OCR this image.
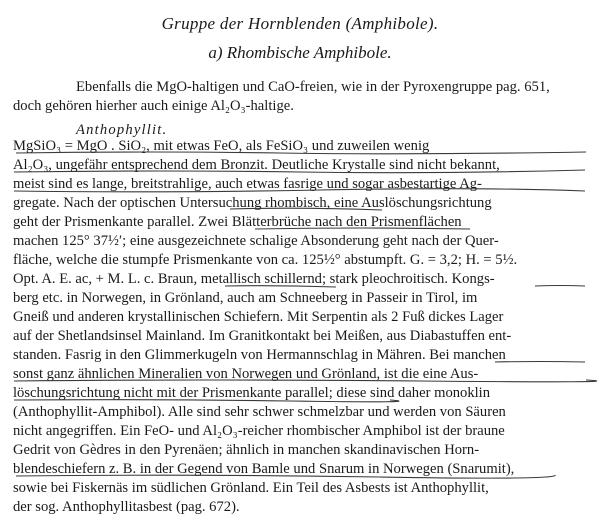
Gruppe der Hornblenden (Amphibole).
a) Rhombische Amphibole.
Ebenfalls die MgO-haltigen und CaO-freien, wie in der Pyroxengruppe pag. 651,
doch gehören hierher auch einige Al₂O₃-haltige.
Anthophyllit.
MgSiO₃ = MgO . SiO₂, mit etwas FeO, als FeSiO₃ und zuweilen wenig
Al₂O₃, ungefähr entsprechend dem Bronzit. Deutliche Krystalle sind nicht bekannt,
meist sind es lange, breitstrahlige, auch etwas fasrige und sogar asbestartige Ag-
gregate. Nach der optischen Untersuchung rhombisch, eine Auslöschungsrichtung
geht der Prismenkante parallel. Zwei Blätterbrüche nach den Prismenflächen
machen 125° 37½′; eine ausgezeichnete schalige Absonderung geht nach der Quer-
fläche, welche die stumpfe Prismenkante von ca. 125½° abstumpft. G. = 3,2; H. = 5½.
Opt. A. E. ac, + M. L. c. Braun, metallisch schillernd; stark pleochroitisch. Kongs-
berg etc. in Norwegen, in Grönland, auch am Schneeberg in Passeir in Tirol, im
Gneiß und anderen krystallinischen Schiefern. Mit Serpentin als 2 Fuß dickes Lager
auf der Shetlandsinsel Mainland. Im Granitkontakt bei Meißen, aus Diabastuffen ent-
standen. Fasrig in den Glimmerkugeln von Hermannschlag in Mähren. Bei manchen
sonst ganz ähnlichen Mineralien von Norwegen und Grönland, ist die eine Aus-
löschungsrichtung nicht mit der Prismenkante parallel; diese sind daher monoklin
(Anthophyllit-Amphibol). Alle sind sehr schwer schmelzbar und werden von Säuren
nicht angegriffen. Ein FeO- und Al₂O₃-reicher rhombischer Amphibol ist der braune
Gedrit von Gèdres in den Pyrenäen; ähnlich in manchen skandinavischen Horn-
blendeschiefern z. B. in der Gegend von Bamle und Snarum in Norwegen (Snarumit),
sowie bei Fiskernäs im südlichen Grönland. Ein Teil des Asbests ist Anthophyllit,
der sog. Anthophyllitasbest (pag. 672).
